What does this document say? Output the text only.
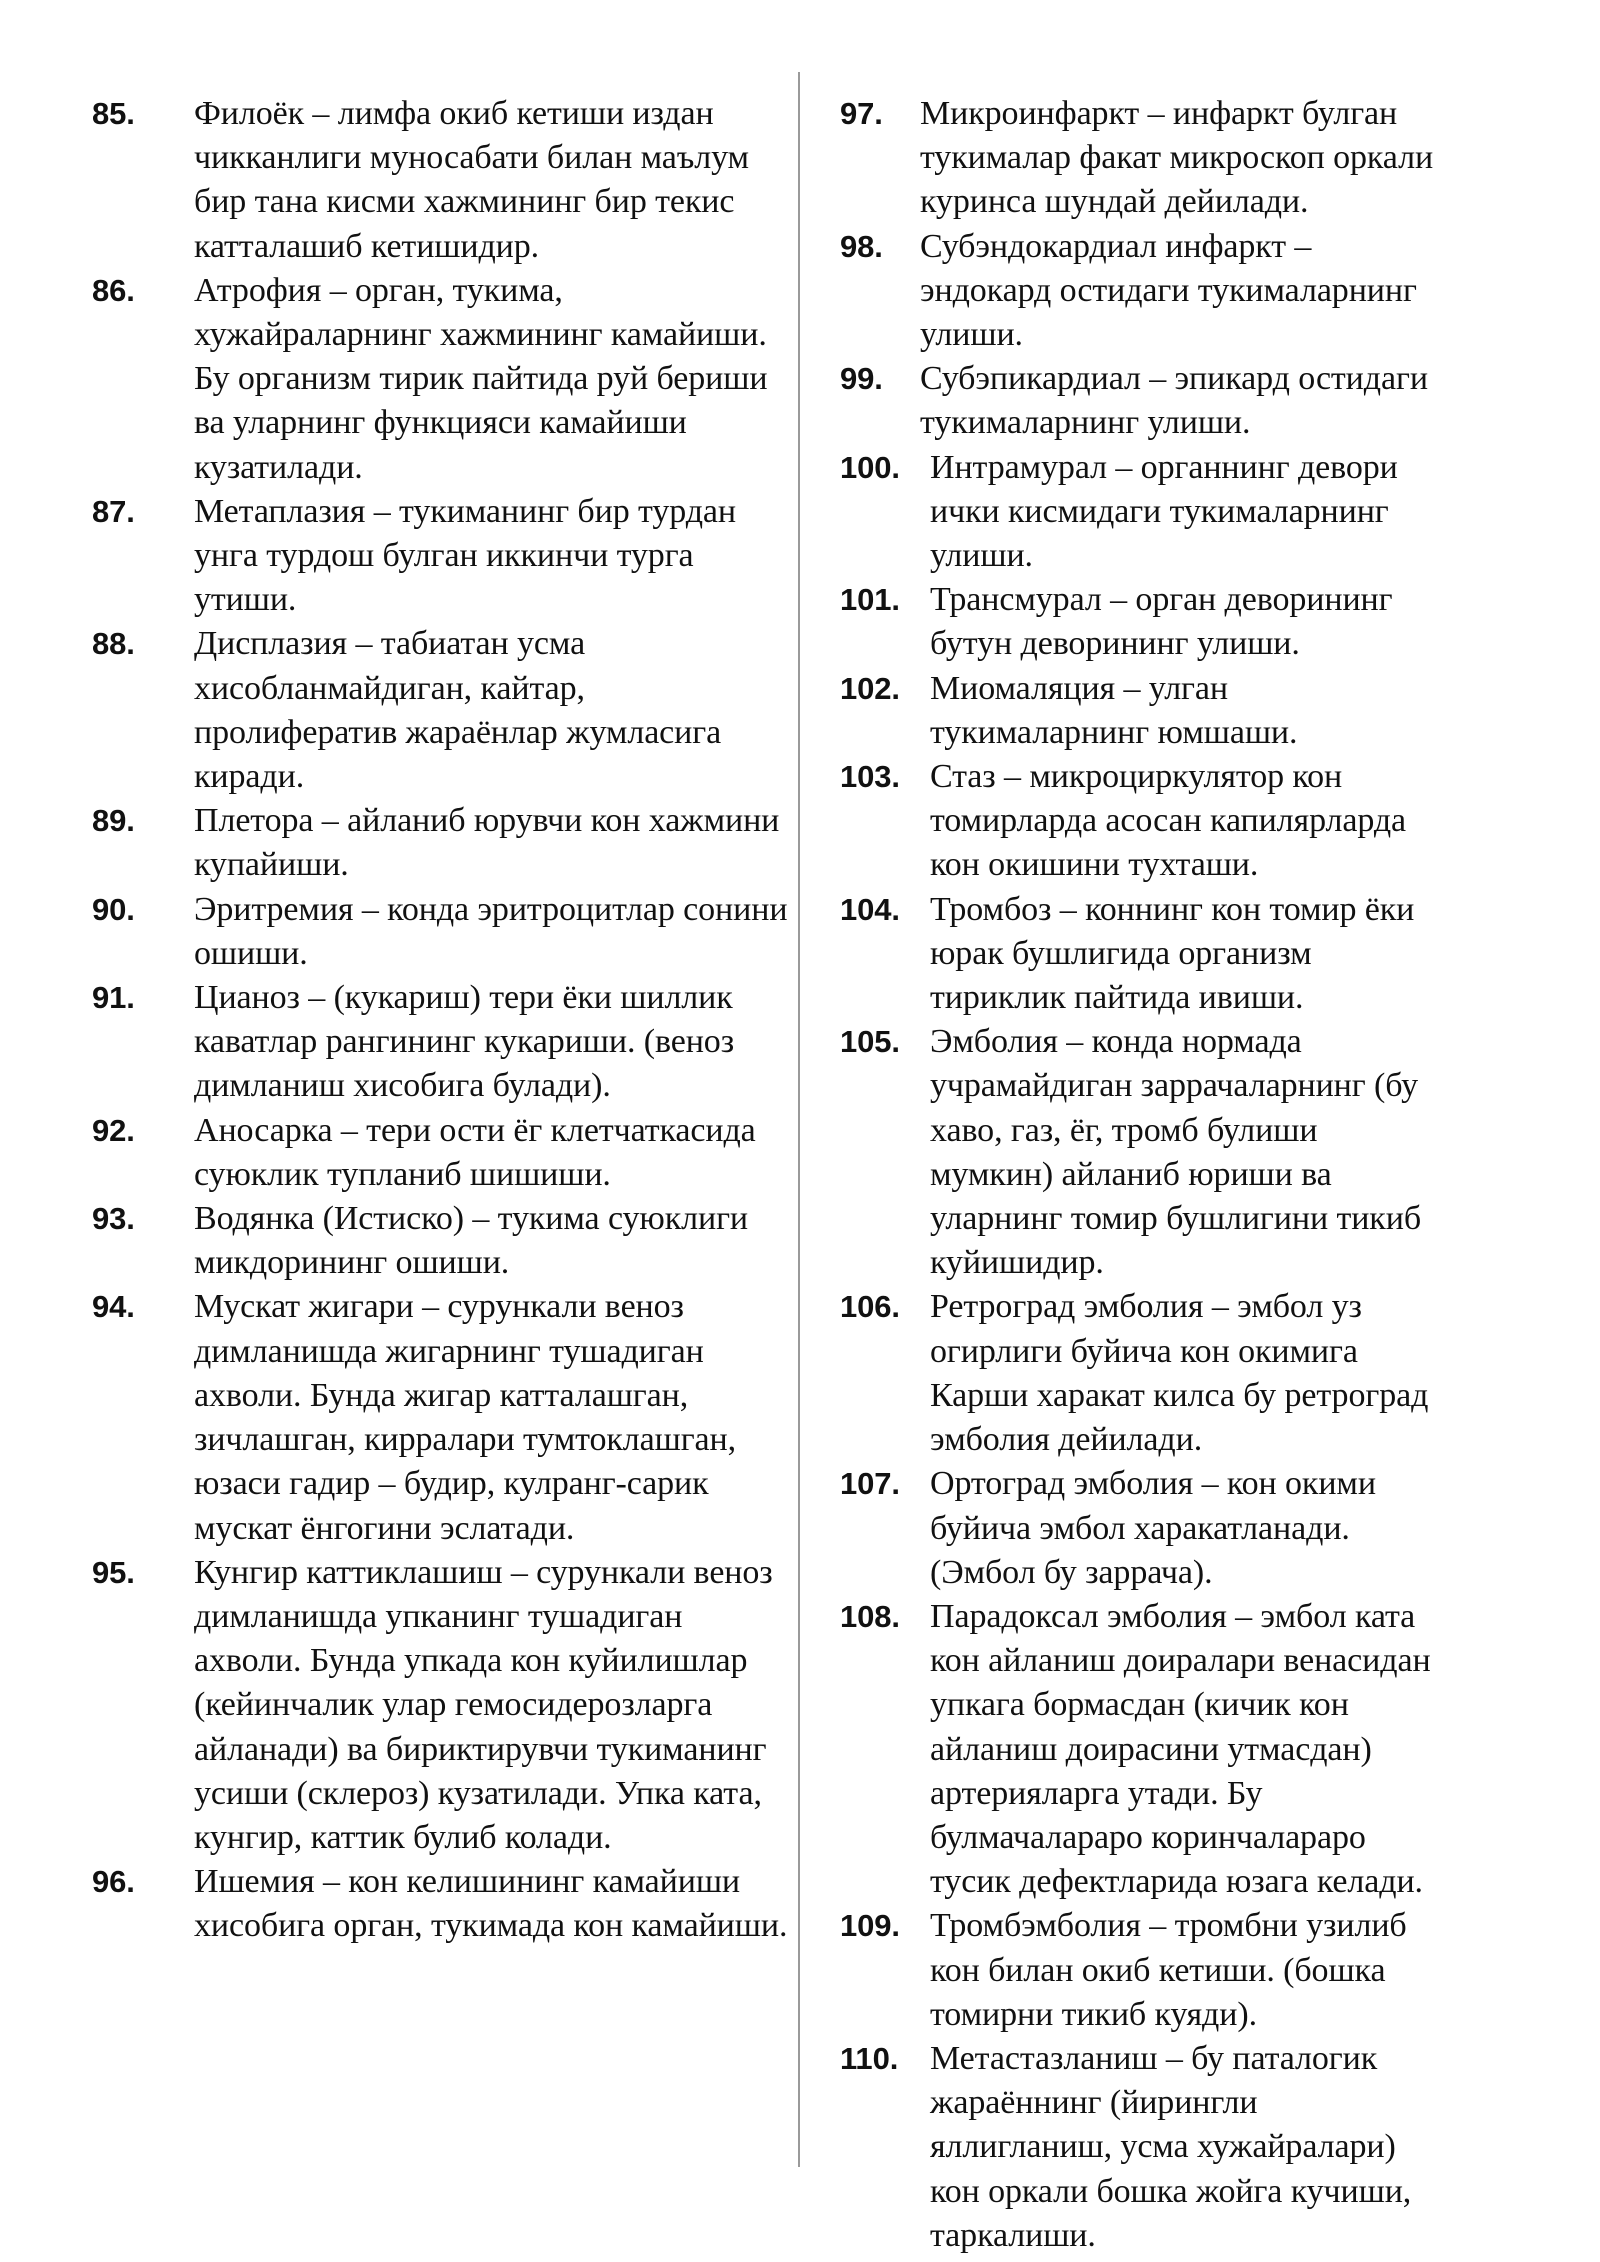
85.	Филоёк – лимфа окиб кетиши издан чикканлиги муносабати билан маълум бир тана кисми хажмининг бир текис катталашиб кетишидир.
86.	Атрофия – орган, тукима, хужайраларнинг хажмининг камайиши. Бу организм тирик пайтида руй бериши ва уларнинг функцияси камайиши кузатилади.
87.	Метаплазия – тукиманинг бир турдан унга турдош булган иккинчи турга утиши.
88.	Дисплазия – табиатан усма хисобланмайдиган, кайтар, пролифератив жараёнлар жумласига киради.
89.	Плетора – айланиб юрувчи кон хажмини купайиши.
90.	Эритремия – конда эритроцитлар сонини ошиши.
91.	Цианоз – (кукариш) тери ёки шиллик каватлар рангининг кукариши. (веноз димланиш хисобига булади).
92.	Аносарка – тери ости ёг клетчаткасида суюклик тупланиб шишиши.
93.	Водянка (Истиско) – тукима суюклиги микдорининг ошиши.
94.	Мускат жигари – сурункали веноз димланишда жигарнинг тушадиган ахволи. Бунда жигар катталашган, зичлашган, кирралари тумтоклашган, юзаси гадир – будир, кулранг-сарик мускат ёнгогини эслатади.
95.	Кунгир каттиклашиш – сурункали веноз димланишда упканинг тушадиган ахволи. Бунда упкада кон куйилишлар (кейинчалик улар гемосидерозларга айланади) ва бириктирувчи тукиманинг усиши (склероз) кузатилади. Упка ката, кунгир, каттик булиб колади.
96.	Ишемия – кон келишининг камайиши хисобига орган, тукимада кон камайиши.
97. Микроинфаркт – инфаркт булган тукималар факат микроскоп оркали куринса шундай дейилади.
98. Субэндокардиал инфаркт – эндокард остидаги тукималарнинг улиши.
99. Субэпикардиал – эпикард остидаги тукималарнинг улиши.
100. Интрамурал – органнинг девори ички кисмидаги тукималарнинг улиши.
101. Трансмурал – орган деворининг бутун деворининг улиши.
102. Миомаляция – улган тукималарнинг юмшаши.
103. Стаз – микроциркулятор кон томирларда асосан капилярларда кон окишини тухташи.
104. Тромбоз – коннинг кон томир ёки юрак бушлигида организм тириклик пайтида ивиши.
105. Эмболия – конда нормада учрамайдиган заррачаларнинг (бу хаво, газ, ёг, тромб булиши мумкин) айланиб юриши ва уларнинг томир бушлигини тикиб куйишидир.
106. Ретроград эмболия – эмбол уз огирлиги буйича кон окимига Карши харакат килса бу ретроград эмболия дейилади.
107. Ортоград эмболия – кон окими буйича эмбол харакатланади. (Эмбол бу заррача).
108. Парадоксал эмболия – эмбол ката кон айланиш доиралари венасидан упкага бормасдан (кичик кон айланиш доирасини утмасдан) артерияларга утади. Бу булмачалараро коринчалараро тусик дефектларида юзага келади.
109. Тромбэмболия – тромбни узилиб кон билан окиб кетиши. (бошка томирни тикиб куяди).
110. Метастазланиш – бу паталогик жараённинг (йирингли яллигланиш, усма хужайралари) кон оркали бошка жойга кучиши, таркалиши.
